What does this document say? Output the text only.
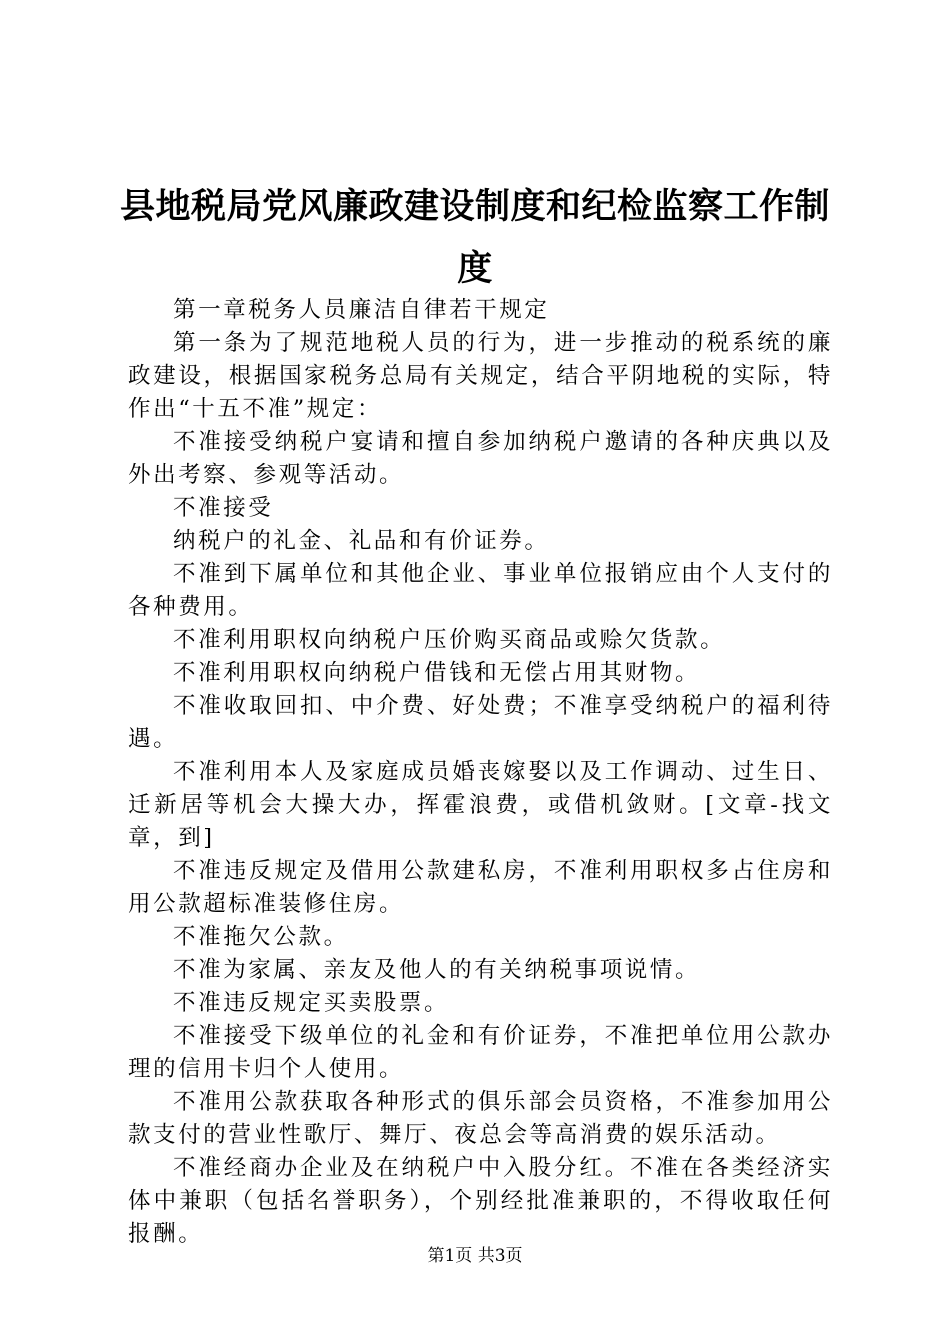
县地税局党风廉政建设制度和纪检监察工作制度

第一章税务人员廉洁自律若干规定

第一条为了规范地税人员的行为，进一步推动的税系统的廉政建设，根据国家税务总局有关规定，结合平阴地税的实际，特作出“十五不准”规定：

不准接受纳税户宴请和擅自参加纳税户邀请的各种庆典以及外出考察、参观等活动。

不准接受

纳税户的礼金、礼品和有价证券。

不准到下属单位和其他企业、事业单位报销应由个人支付的各种费用。

不准利用职权向纳税户压价购买商品或赊欠货款。

不准利用职权向纳税户借钱和无偿占用其财物。

不准收取回扣、中介费、好处费；不准享受纳税户的福利待遇。

不准利用本人及家庭成员婚丧嫁娶以及工作调动、过生日、迁新居等机会大操大办，挥霍浪费，或借机敛财。[文章-找文章，到]

不准违反规定及借用公款建私房，不准利用职权多占住房和用公款超标准装修住房。

不准拖欠公款。

不准为家属、亲友及他人的有关纳税事项说情。

不准违反规定买卖股票。

不准接受下级单位的礼金和有价证券，不准把单位用公款办理的信用卡归个人使用。

不准用公款获取各种形式的俱乐部会员资格，不准参加用公款支付的营业性歌厅、舞厅、夜总会等高消费的娱乐活动。

不准经商办企业及在纳税户中入股分红。不准在各类经济实体中兼职（包括名誉职务），个别经批准兼职的，不得收取任何报酬。

第1页 共3页
